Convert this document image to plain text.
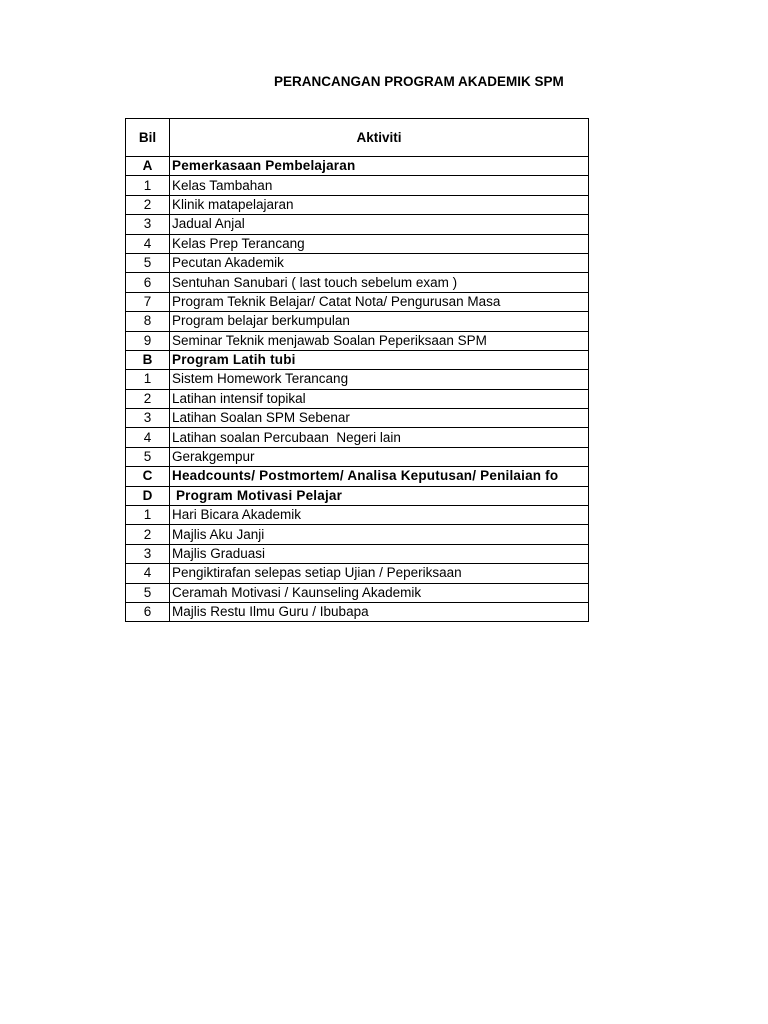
PERANCANGAN PROGRAM AKADEMIK SPM
Bil	Aktiviti
A	Pemerkasaan Pembelajaran
1	Kelas Tambahan
2	Klinik matapelajaran
3	Jadual Anjal
4	Kelas Prep Terancang
5	Pecutan Akademik
6	Sentuhan Sanubari ( last touch sebelum exam )
7	Program Teknik Belajar/ Catat Nota/ Pengurusan Masa
8	Program belajar berkumpulan
9	Seminar Teknik menjawab Soalan Peperiksaan SPM
B	Program Latih tubi
1	Sistem Homework Terancang
2	Latihan intensif topikal
3	Latihan Soalan SPM Sebenar
4	Latihan soalan Percubaan  Negeri lain
5	Gerakgempur
C	Headcounts/ Postmortem/ Analisa Keputusan/ Penilaian fo
D	Program Motivasi Pelajar
1	Hari Bicara Akademik
2	Majlis Aku Janji
3	Majlis Graduasi
4	Pengiktirafan selepas setiap Ujian / Peperiksaan
5	Ceramah Motivasi / Kaunseling Akademik
6	Majlis Restu Ilmu Guru / Ibubapa
